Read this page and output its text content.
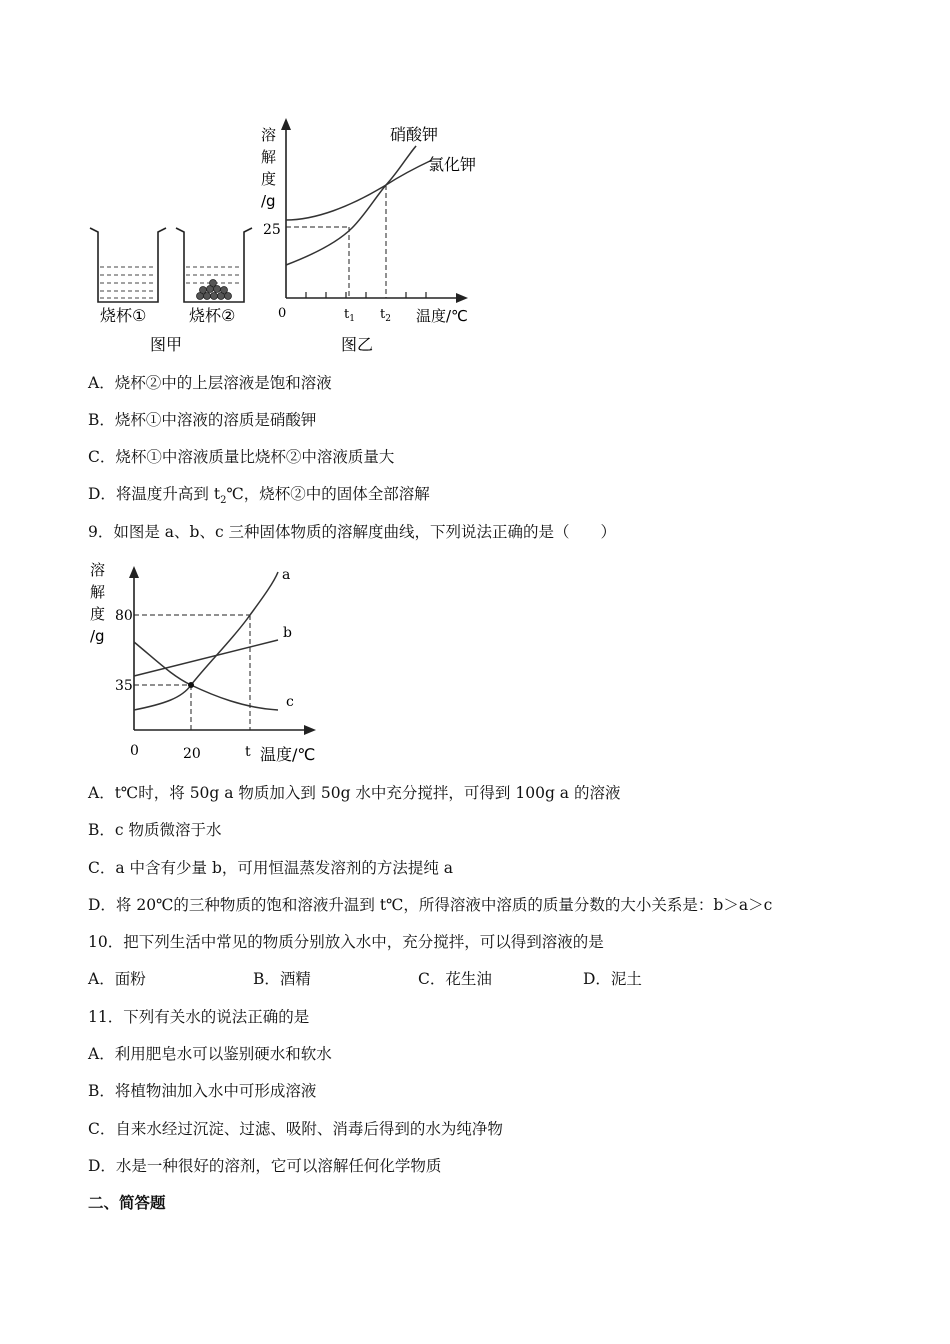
溶
解
度
/g
25
0	$t_1$ $t_2$ 温度/℃
硝酸钾
氯化钾
烧杯①	烧杯②
图甲	图乙
A．烧杯②中的上层溶液是饱和溶液
B．烧杯①中溶液的溶质是硝酸钾
C．烧杯①中溶液质量比烧杯②中溶液质量大
D．将温度升高到 $t_2℃$，烧杯②中的固体全部溶解
9．如图是 a、b、c 三种固体物质的溶解度曲线，下列说法正确的是（　　）
溶
解
度
/g
80
35
0	20	t 温度/℃
a
b
c
A．t℃时，将 50g a 物质加入到 50g 水中充分搅拌，可得到 100g a 的溶液
B．c 物质微溶于水
C．a 中含有少量 b，可用恒温蒸发溶剂的方法提纯 a
D．将 20℃的三种物质的饱和溶液升温到 t℃，所得溶液中溶质的质量分数的大小关系是：b＞a＞c
10．把下列生活中常见的物质分别放入水中，充分搅拌，可以得到溶液的是
A．面粉	B．酒精	C．花生油	D．泥土
11．下列有关水的说法正确的是
A．利用肥皂水可以鉴别硬水和软水
B．将植物油加入水中可形成溶液
C．自来水经过沉淀、过滤、吸附、消毒后得到的水为纯净物
D．水是一种很好的溶剂，它可以溶解任何化学物质
二、简答题
